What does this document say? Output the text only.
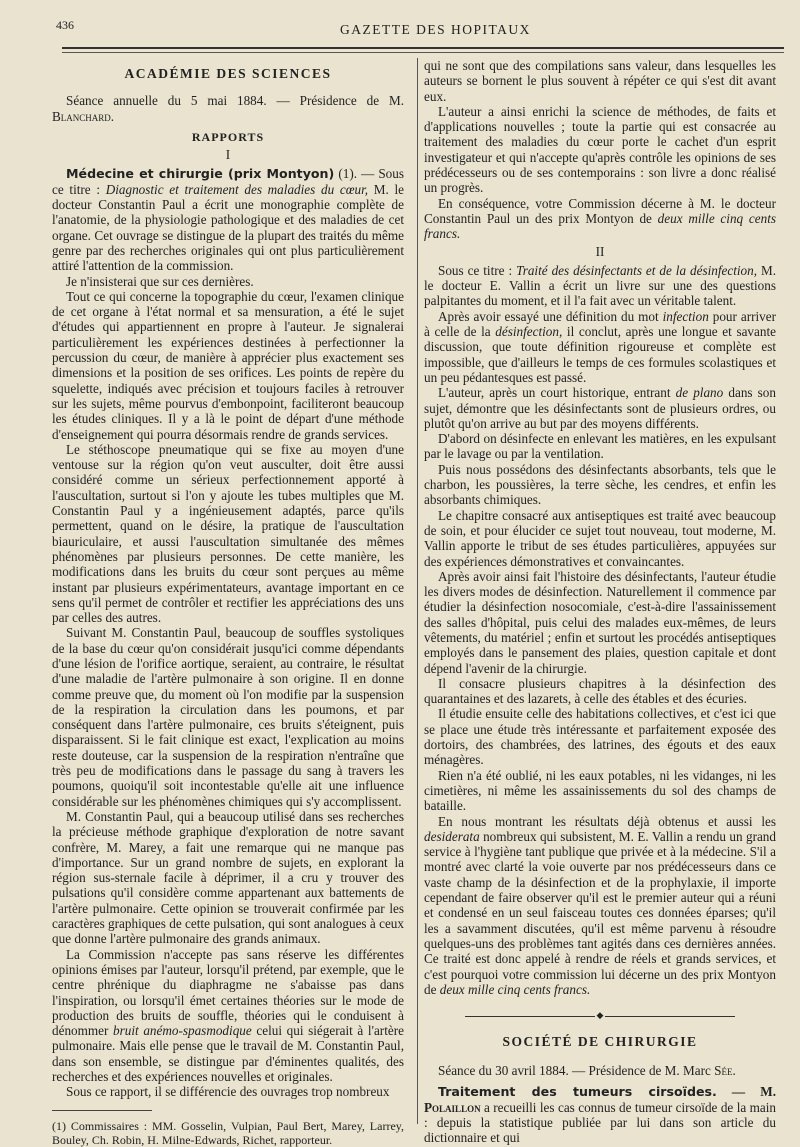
436	GAZETTE DES HOPITAUX

ACADÉMIE DES SCIENCES

Séance annuelle du 5 mai 1884. — Présidence de M. Blanchard.

RAPPORTS

I

Médecine et chirurgie (prix Montyon) (1). — Sous ce titre : Diagnostic et traitement des maladies du cœur, M. le docteur Constantin Paul a écrit une monographie complète de l'anatomie, de la physiologie pathologique et des maladies de cet organe. Cet ouvrage se distingue de la plupart des traités du même genre par des recherches originales qui ont plus particulièrement attiré l'attention de la commission.

Je n'insisterai que sur ces dernières.

Tout ce qui concerne la topographie du cœur, l'examen clinique de cet organe à l'état normal et sa mensuration, a été le sujet d'études qui appartiennent en propre à l'auteur. Je signalerai particulièrement les expériences destinées à perfectionner la percussion du cœur, de manière à apprécier plus exactement ses dimensions et la position de ses orifices. Les points de repère du squelette, indiqués avec précision et toujours faciles à retrouver sur les sujets, même pourvus d'embonpoint, faciliteront beaucoup les études cliniques. Il y a là le point de départ d'une méthode d'enseignement qui pourra désormais rendre de grands services.

Le stéthoscope pneumatique qui se fixe au moyen d'une ventouse sur la région qu'on veut ausculter, doit être aussi considéré comme un sérieux perfectionnement apporté à l'auscultation, surtout si l'on y ajoute les tubes multiples que M. Constantin Paul y a ingénieusement adaptés, parce qu'ils permettent, quand on le désire, la pratique de l'auscultation biauriculaire, et aussi l'auscultation simultanée des mêmes phénomènes par plusieurs personnes. De cette manière, les modifications dans les bruits du cœur sont perçues au même instant par plusieurs expérimentateurs, avantage important en ce sens qu'il permet de contrôler et rectifier les appréciations des uns par celles des autres.

Suivant M. Constantin Paul, beaucoup de souffles systoliques de la base du cœur qu'on considérait jusqu'ici comme dépendants d'une lésion de l'orifice aortique, seraient, au contraire, le résultat d'une maladie de l'artère pulmonaire à son origine. Il en donne comme preuve que, du moment où l'on modifie par la suspension de la respiration la circulation dans les poumons, et par conséquent dans l'artère pulmonaire, ces bruits s'éteignent, puis disparaissent. Si le fait clinique est exact, l'explication au moins reste douteuse, car la suspension de la respiration n'entraîne que très peu de modifications dans le passage du sang à travers les poumons, quoiqu'il soit incontestable qu'elle ait une influence considérable sur les phénomènes chimiques qui s'y accomplissent.

M. Constantin Paul, qui a beaucoup utilisé dans ses recherches la précieuse méthode graphique d'exploration de notre savant confrère, M. Marey, a fait une remarque qui ne manque pas d'importance. Sur un grand nombre de sujets, en explorant la région sus-sternale facile à déprimer, il a cru y trouver des pulsations qu'il considère comme appartenant aux battements de l'artère pulmonaire. Cette opinion se trouverait confirmée par les caractères graphiques de cette pulsation, qui sont analogues à ceux que donne l'artère pulmonaire des grands animaux.

La Commission n'accepte pas sans réserve les différentes opinions émises par l'auteur, lorsqu'il prétend, par exemple, que le centre phrénique du diaphragme ne s'abaisse pas dans l'inspiration, ou lorsqu'il émet certaines théories sur le mode de production des bruits de souffle, théories qui le conduisent à dénommer bruit anémo-spasmodique celui qui siégerait à l'artère pulmonaire. Mais elle pense que le travail de M. Constantin Paul, dans son ensemble, se distingue par d'éminentes qualités, des recherches et des expériences nouvelles et originales.

Sous ce rapport, il se différencie des ouvrages trop nombreux

(1) Commissaires : MM. Gosselin, Vulpian, Paul Bert, Marey, Larrey, Bouley, Ch. Robin, H. Milne-Edwards, Richet, rapporteur.

qui ne sont que des compilations sans valeur, dans lesquelles les auteurs se bornent le plus souvent à répéter ce qui s'est dit avant eux.

L'auteur a ainsi enrichi la science de méthodes, de faits et d'applications nouvelles ; toute la partie qui est consacrée au traitement des maladies du cœur porte le cachet d'un esprit investigateur et qui n'accepte qu'après contrôle les opinions de ses prédécesseurs ou de ses contemporains : son livre a donc réalisé un progrès.

En conséquence, votre Commission décerne à M. le docteur Constantin Paul un des prix Montyon de deux mille cinq cents francs.

II

Sous ce titre : Traité des désinfectants et de la désinfection, M. le docteur E. Vallin a écrit un livre sur une des questions palpitantes du moment, et il l'a fait avec un véritable talent.

Après avoir essayé une définition du mot infection pour arriver à celle de la désinfection, il conclut, après une longue et savante discussion, que toute définition rigoureuse et complète est impossible, que d'ailleurs le temps de ces formules scolastiques et un peu pédantesques est passé.

L'auteur, après un court historique, entrant de plano dans son sujet, démontre que les désinfectants sont de plusieurs ordres, ou plutôt qu'on arrive au but par des moyens différents.

D'abord on désinfecte en enlevant les matières, en les expulsant par le lavage ou par la ventilation.

Puis nous possédons des désinfectants absorbants, tels que le charbon, les poussières, la terre sèche, les cendres, et enfin les absorbants chimiques.

Le chapitre consacré aux antiseptiques est traité avec beaucoup de soin, et pour élucider ce sujet tout nouveau, tout moderne, M. Vallin apporte le tribut de ses études particulières, appuyées sur des expériences démonstratives et convaincantes.

Après avoir ainsi fait l'histoire des désinfectants, l'auteur étudie les divers modes de désinfection. Naturellement il commence par étudier la désinfection nosocomiale, c'est-à-dire l'assainissement des salles d'hôpital, puis celui des malades eux-mêmes, de leurs vêtements, du matériel ; enfin et surtout les procédés antiseptiques employés dans le pansement des plaies, question capitale et dont dépend l'avenir de la chirurgie.

Il consacre plusieurs chapitres à la désinfection des quarantaines et des lazarets, à celle des étables et des écuries.

Il étudie ensuite celle des habitations collectives, et c'est ici que se place une étude très intéressante et parfaitement exposée des dortoirs, des chambrées, des latrines, des égouts et des eaux ménagères.

Rien n'a été oublié, ni les eaux potables, ni les vidanges, ni les cimetières, ni même les assainissements du sol des champs de bataille.

En nous montrant les résultats déjà obtenus et aussi les desiderata nombreux qui subsistent, M. E. Vallin a rendu un grand service à l'hygiène tant publique que privée et à la médecine. S'il a montré avec clarté la voie ouverte par nos prédécesseurs dans ce vaste champ de la désinfection et de la prophylaxie, il importe cependant de faire observer qu'il est le premier auteur qui a réuni et condensé en un seul faisceau toutes ces données éparses; qu'il les a savamment discutées, qu'il est même parvenu à résoudre quelques-uns des problèmes tant agités dans ces dernières années. Ce traité est donc appelé à rendre de réels et grands services, et c'est pourquoi votre commission lui décerne un des prix Montyon de deux mille cinq cents francs.

◆

SOCIÉTÉ DE CHIRURGIE

Séance du 30 avril 1884. — Présidence de M. Marc Sée.

Traitement des tumeurs cirsoïdes. — M. Polaillon a recueilli les cas connus de tumeur cirsoïde de la main : depuis la statistique publiée par lui dans son article du dictionnaire et qui
